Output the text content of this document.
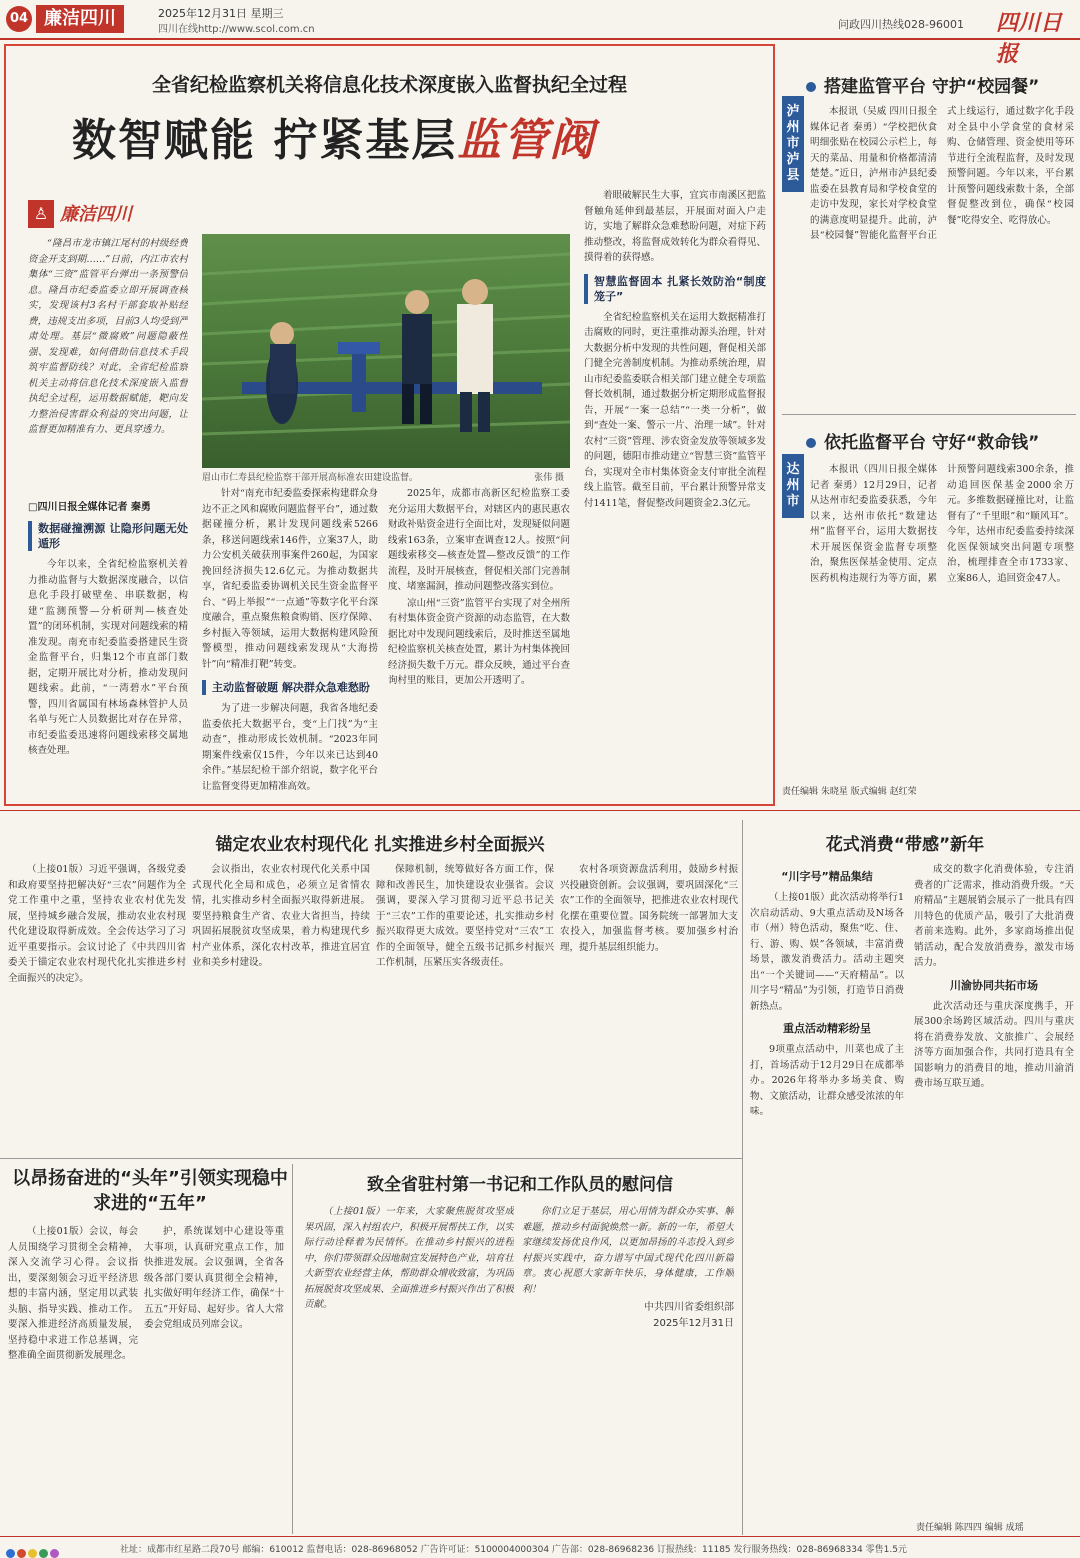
04 廉洁四川	2025年12月31日 星期三
四川在线http://www.scol.com.cn	问政四川热线028-96001 四川日报
全省纪检监察机关将信息化技术深度嵌入监督执纪全过程
数智赋能 拧紧基层监管阀
♙ 廉洁四川

“隆昌市龙市镇江尾村的村级经费资金开支到期……”日前，内江市农村集体“三资”监管平台弹出一条预警信息。隆昌市纪委监委立即开展调查核实，发现该村3名村干部套取补贴经费，违规支出多项，目前3人均受到严肃处理。基层“微腐败”问题隐蔽性强、发现难，如何借助信息技术手段筑牢监督防线？对此，全省纪检监察机关主动将信息化技术深度嵌入监督执纪全过程，运用数据赋能，靶向发力整治侵害群众利益的突出问题，让监督更加精准有力、更具穿透力。

□四川日报全媒体记者 秦勇
数据碰撞溯源 让隐形问题无处遁形

今年以来，全省纪检监察机关着力推动监督与大数据深度融合，以信息化手段打破壁垒、串联数据，构建“监测预警—分析研判—核查处置”的闭环机制，实现对问题线索的精准发现。南充市纪委监委搭建民生资金监督平台，归集12个市直部门数据，定期开展比对分析，推动发现问题线索。此前，“一湾碧水”平台预警，四川省属国有林场森林管护人员名单与死亡人员数据比对存在异常，市纪委监委迅速将问题线索移交属地核查处理。

眉山市仁寿县纪检监察干部开展高标准农田建设监督。	张伟 摄

针对“南充市纪委监委探索构建群众身边不正之风和腐败问题监督平台”，通过数据碰撞分析，累计发现问题线索5266条，移送问题线索146件，立案37人，助力公安机关破获刑事案件260起，为国家挽回经济损失12.6亿元。为推动数据共享，省纪委监委协调机关民生资金监督平台、“码上举报”“一点通”等数字化平台深度融合，重点聚焦粮食购销、医疗保障、乡村振入等领域，运用大数据构建风险预警模型，推动问题线索发现从“大海捞针”向“精准打靶”转变。

主动监督破题 解决群众急难愁盼

为了进一步解决问题，我省各地纪委监委依托大数据平台，变“上门找”为“主动查”，推动形成长效机制。“2023年同期案件线索仅15件，今年以来已达到40余件。”基层纪检干部介绍说，数字化平台让监督变得更加精准高效。

2025年，成都市高新区纪检监察工委充分运用大数据平台，对辖区内的惠民惠农财政补贴资金进行全面比对，发现疑似问题线索163条，立案审查调查12人。按照“问题线索移交—核查处置—整改反馈”的工作流程，及时开展核查，督促相关部门完善制度、堵塞漏洞，推动问题整改落实到位。

凉山州“三资”监管平台实现了对全州所有村集体资金资产资源的动态监管，在大数据比对中发现问题线索后，及时推送至属地纪检监察机关核查处置，累计为村集体挽回经济损失数千万元。群众反映，通过平台查询村里的账目，更加公开透明了。

着眼破解民生大事，宜宾市南溪区把监督触角延伸到最基层，开展面对面入户走访，实地了解群众急难愁盼问题，对症下药推动整改，将监督成效转化为群众看得见、摸得着的获得感。

智慧监督固本 扎紧长效防治“制度笼子”

全省纪检监察机关在运用大数据精准打击腐败的同时，更注重推动源头治理，针对大数据分析中发现的共性问题，督促相关部门健全完善制度机制。为推动系统治理，眉山市纪委监委联合相关部门建立健全专项监督长效机制，通过数据分析定期形成监督报告，开展“一案一总结”“一类一分析”，做到“查处一案、警示一片、治理一域”。针对农村“三资”管理、涉农资金发放等领域多发的问题，德阳市推动建立“智慧三资”监管平台，实现对全市村集体资金支付审批全流程线上监管。截至目前，平台累计预警异常支付1411笔，督促整改问题资金2.3亿元。

搭建监管平台 守护“校园餐”
泸州市泸县

本报讯（吴威 四川日报全媒体记者 秦勇）“学校把伙食明细张贴在校园公示栏上，每天的菜品、用量和价格都清清楚楚。”近日，泸州市泸县纪委监委在县教育局和学校食堂的走访中发现，家长对学校食堂的满意度明显提升。此前，泸县“校园餐”智能化监督平台正式上线运行，通过数字化手段对全县中小学食堂的食材采购、仓储管理、资金使用等环节进行全流程监督，及时发现预警问题。今年以来，平台累计预警问题线索数十条，全部督促整改到位，确保“校园餐”吃得安全、吃得放心。

依托监督平台 守好“救命钱”
达州市

本报讯（四川日报全媒体记者 秦勇）12月29日，记者从达州市纪委监委获悉，今年以来，达州市依托“数建达州”监督平台，运用大数据技术开展医保资金监督专项整治，聚焦医保基金使用、定点医药机构违规行为等方面，累计预警问题线索300余条，推动追回医保基金2000余万元。多维数据碰撞比对，让监督有了“千里眼”和“顺风耳”。今年，达州市纪委监委持续深化医保领域突出问题专项整治，梳理排查全市1733家、立案86人，追回资金47人。

责任编辑 朱晓星 版式编辑 赵红荣
锚定农业农村现代化 扎实推进乡村全面振兴	花式消费“带感”新年

（上接01版）习近平强调，各级党委和政府要坚持把解决好“三农”问题作为全党工作重中之重，坚持农业农村优先发展，坚持城乡融合发展，推动农业农村现代化建设取得新成效。全会传达学习了习近平重要指示。会议讨论了《中共四川省委关于锚定农业农村现代化扎实推进乡村全面振兴的决定》。

会议指出，农业农村现代化关系中国式现代化全局和成色，必须立足省情农情，扎实推动乡村全面振兴取得新进展。要坚持粮食生产省、农业大省担当，持续巩固拓展脱贫攻坚成果，着力构建现代乡村产业体系，深化农村改革，推进宜居宜业和美乡村建设。

保障机制，统筹做好各方面工作，保障和改善民生，加快建设农业强省。会议强调，要深入学习贯彻习近平总书记关于“三农”工作的重要论述，扎实推动乡村振兴取得更大成效。要坚持党对“三农”工作的全面领导，健全五级书记抓乡村振兴工作机制，压紧压实各级责任。

农村各项资源盘活利用，鼓励乡村振兴投融资创新。会议强调，要巩固深化“三农”工作的全面领导，把推进农业农村现代化摆在重要位置。国务院统一部署加大支农投入，加强监督考核。要加强乡村治理，提升基层组织能力。

“川字号”精品集结

（上接01版）此次活动将举行1次启动活动、9大重点活动及N场各市（州）特色活动，聚焦“吃、住、行、游、购、娱”各领域，丰富消费场景，激发消费活力。活动主题突出“一个关键词——“天府精品”。以川字号“精品”为引领，打造节日消费新热点。

重点活动精彩纷呈

9项重点活动中，川菜也成了主打，首场活动于12月29日在成都举办。2026年将举办多场美食、购物、文旅活动，让群众感受浓浓的年味。

成交的数字化消费体验，专注消费者的广泛需求，推动消费升级。“天府精品”主题展销会展示了一批具有四川特色的优质产品，吸引了大批消费者前来选购。此外，多家商场推出促销活动，配合发放消费券，激发市场活力。

川渝协同共拓市场

此次活动还与重庆深度携手，开展300余场跨区域活动。四川与重庆将在消费券发放、文旅推广、会展经济等方面加强合作，共同打造具有全国影响力的消费目的地，推动川渝消费市场互联互通。

责任编辑 陈四四 编辑 成瑶
以昂扬奋进的“头年”引领实现稳中求进的“五年”
致全省驻村第一书记和工作队员的慰问信

（上接01版）会议，每会人员围绕学习贯彻全会精神，深入交流学习心得。会议指出，要深刻领会习近平经济思想的丰富内涵，坚定用以武装头脑、指导实践、推动工作。要深入推进经济高质量发展，坚持稳中求进工作总基调，完整准确全面贯彻新发展理念。

护，系统谋划中心建设等重大事项，认真研究重点工作，加快推进发展。会议强调，全省各级各部门要认真贯彻全会精神，扎实做好明年经济工作，确保“十五五”开好局、起好步。省人大常委会党组成员列席会议。

（上接01版）一年来，大家聚焦脱贫攻坚成果巩固，深入村组农户，积极开展帮扶工作，以实际行动诠释着为民情怀。在推动乡村振兴的进程中，你们带领群众因地制宜发展特色产业，培育壮大新型农业经营主体，帮助群众增收致富，为巩固拓展脱贫攻坚成果、全面推进乡村振兴作出了积极贡献。

你们立足于基层，用心用情为群众办实事、解难题，推动乡村面貌焕然一新。新的一年，希望大家继续发扬优良作风，以更加昂扬的斗志投入到乡村振兴实践中，奋力谱写中国式现代化四川新篇章。衷心祝愿大家新年快乐，身体健康，工作顺利！

中共四川省委组织部

2025年12月31日

社址：成都市红星路二段70号 邮编：610012 监督电话：028-86968052 广告许可证：5100004000304 广告部：028-86968236 订报热线：11185 发行服务热线：028-86968334 零售1.5元
